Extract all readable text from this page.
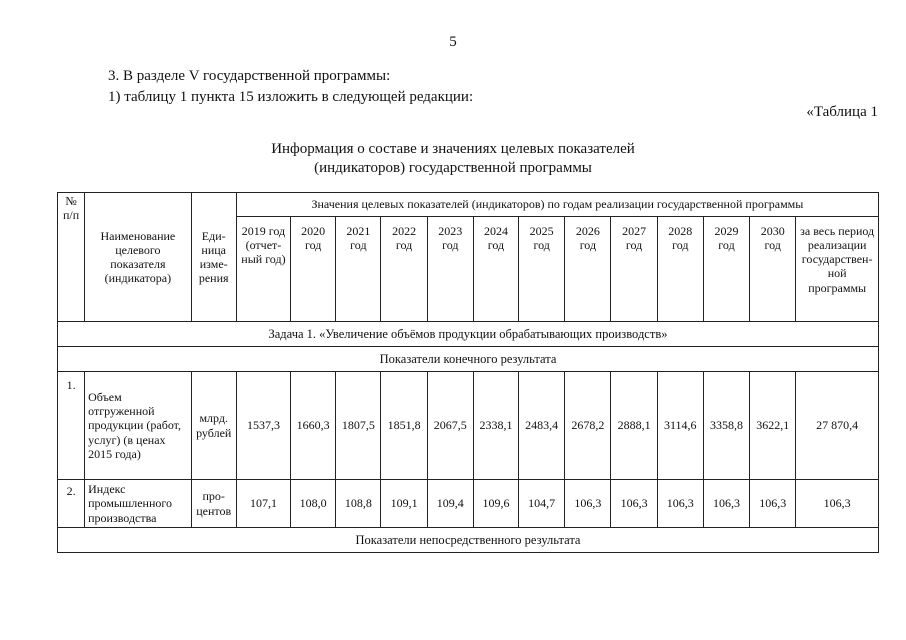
5
3. В разделе V государственной программы:
1) таблицу 1 пункта 15 изложить в следующей редакции:
«Таблица 1
Информация о составе и значениях целевых показателей
(индикаторов) государственной программы
№ п/п	Наименование целевого показателя (индикатора)	Еди-ница изме-рения	Значения целевых показателей (индикаторов) по годам реализации государственной программы												
			2019 год (отчет-ный год)	2020 год	2021 год	2022 год	2023 год	2024 год	2025 год	2026 год	2027 год	2028 год	2029 год	2030 год	за весь период реализации государствен-ной программы
Задача 1. «Увеличение объёмов продукции обрабатывающих производств»															
Показатели конечного результата															
1.	Объем отгруженной продукции (работ, услуг) (в ценах 2015 года)	млрд. рублей	1537,3	1660,3	1807,5	1851,8	2067,5	2338,1	2483,4	2678,2	2888,1	3114,6	3358,8	3622,1	27 870,4
2.	Индекс промышленного производства	про-центов	107,1	108,0	108,8	109,1	109,4	109,6	104,7	106,3	106,3	106,3	106,3	106,3	106,3
Показатели непосредственного результата															
